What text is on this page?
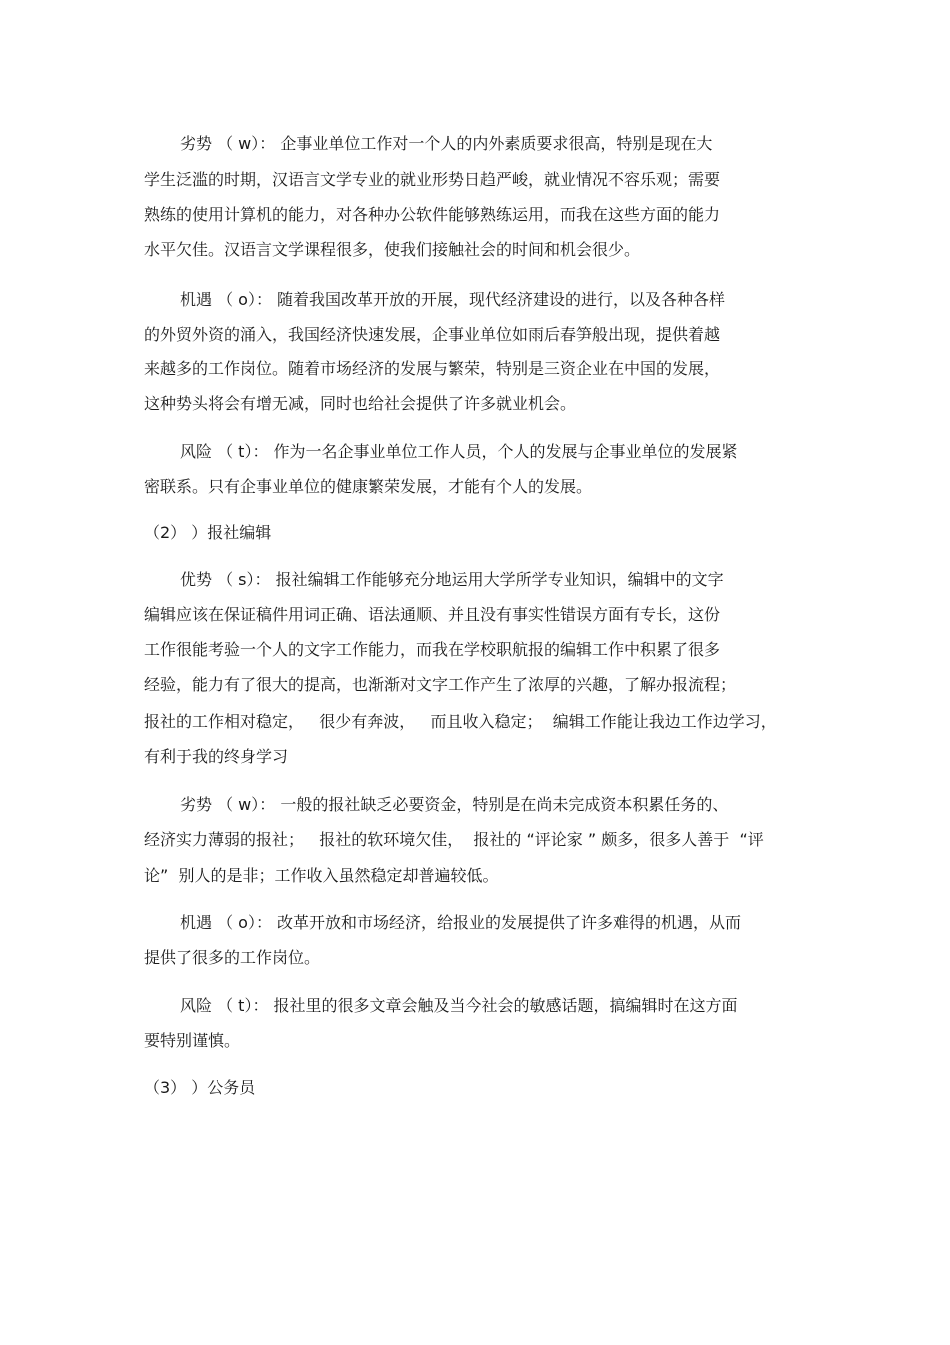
劣势 （ w）： 企事业单位工作对一个人的内外素质要求很高，特别是现在大

学生泛滥的时期，汉语言文学专业的就业形势日趋严峻，就业情况不容乐观；需要

熟练的使用计算机的能力，对各种办公软件能够熟练运用，而我在这些方面的能力

水平欠佳。汉语言文学课程很多，使我们接触社会的时间和机会很少。

机遇 （ o）： 随着我国改革开放的开展，现代经济建设的进行，以及各种各样

的外贸外资的涌入，我国经济快速发展，企事业单位如雨后春笋般出现，提供着越

来越多的工作岗位。随着市场经济的发展与繁荣，特别是三资企业在中国的发展，

这种势头将会有增无减，同时也给社会提供了许多就业机会。

风险 （ t）： 作为一名企事业单位工作人员，个人的发展与企事业单位的发展紧

密联系。只有企事业单位的健康繁荣发展，才能有个人的发展。

（2） ）报社编辑

优势 （ s）： 报社编辑工作能够充分地运用大学所学专业知识，编辑中的文字

编辑应该在保证稿件用词正确、语法通顺、并且没有事实性错误方面有专长，这份

工作很能考验一个人的文字工作能力，而我在学校职航报的编辑工作中积累了很多

经验，能力有了很大的提高，也渐渐对文字工作产生了浓厚的兴趣，了解办报流程；

报社的工作相对稳定，   很少有奔波，   而且收入稳定；  编辑工作能让我边工作边学习，

有利于我的终身学习

劣势 （ w）： 一般的报社缺乏必要资金，特别是在尚未完成资本积累任务的、

经济实力薄弱的报社；   报社的软环境欠佳，  报社的 “评论家 ” 颇多，很多人善于  “评

论”  别人的是非；工作收入虽然稳定却普遍较低。

机遇 （ o）： 改革开放和市场经济，给报业的发展提供了许多难得的机遇，从而

提供了很多的工作岗位。

风险 （ t）： 报社里的很多文章会触及当今社会的敏感话题，搞编辑时在这方面

要特别谨慎。

（3） ）公务员
